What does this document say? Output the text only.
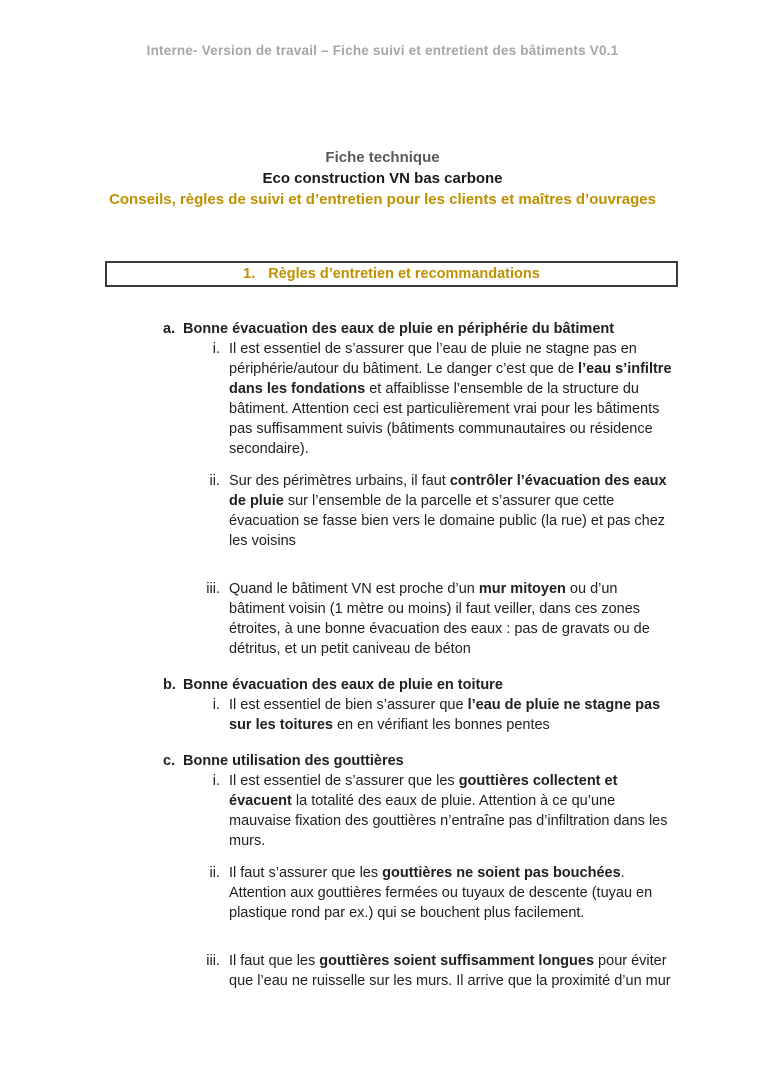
Interne- Version de travail – Fiche suivi et entretient des bâtiments V0.1
Fiche technique
Eco construction VN bas carbone
Conseils, règles de suivi et d’entretien pour les clients et maîtres d’ouvrages
1. Règles d’entretien et recommandations
a. Bonne évacuation des eaux de pluie en périphérie du bâtiment
i. Il est essentiel de s’assurer que l’eau de pluie ne stagne pas en périphérie/autour du bâtiment. Le danger c’est que de l’eau s’infiltre dans les fondations et affaiblisse l’ensemble de la structure du bâtiment. Attention ceci est particulièrement vrai pour les bâtiments pas suffisamment suivis (bâtiments communautaires ou résidence secondaire).
ii. Sur des périmètres urbains, il faut contrôler l’évacuation des eaux de pluie sur l’ensemble de la parcelle et s’assurer que cette évacuation se fasse bien vers le domaine public (la rue) et pas chez les voisins
iii. Quand le bâtiment VN est proche d’un mur mitoyen ou d’un bâtiment voisin (1 mètre ou moins) il faut veiller, dans ces zones étroites, à une bonne évacuation des eaux : pas de gravats ou de détritus, et un petit caniveau de béton
b. Bonne évacuation des eaux de pluie en toiture
i. Il est essentiel de bien s’assurer que l’eau de pluie ne stagne pas sur les toitures en en vérifiant les bonnes pentes
c. Bonne utilisation des gouttières
i. Il est essentiel de s’assurer que les gouttières collectent et évacuent la totalité des eaux de pluie. Attention à ce qu’une mauvaise fixation des gouttières n’entraîne pas d’infiltration dans les murs.
ii. Il faut s’assurer que les gouttières ne soient pas bouchées. Attention aux gouttières fermées ou tuyaux de descente (tuyau en plastique rond par ex.) qui se bouchent plus facilement.
iii. Il faut que les gouttières soient suffisamment longues pour éviter que l’eau ne ruisselle sur les murs. Il arrive que la proximité d’un mur
